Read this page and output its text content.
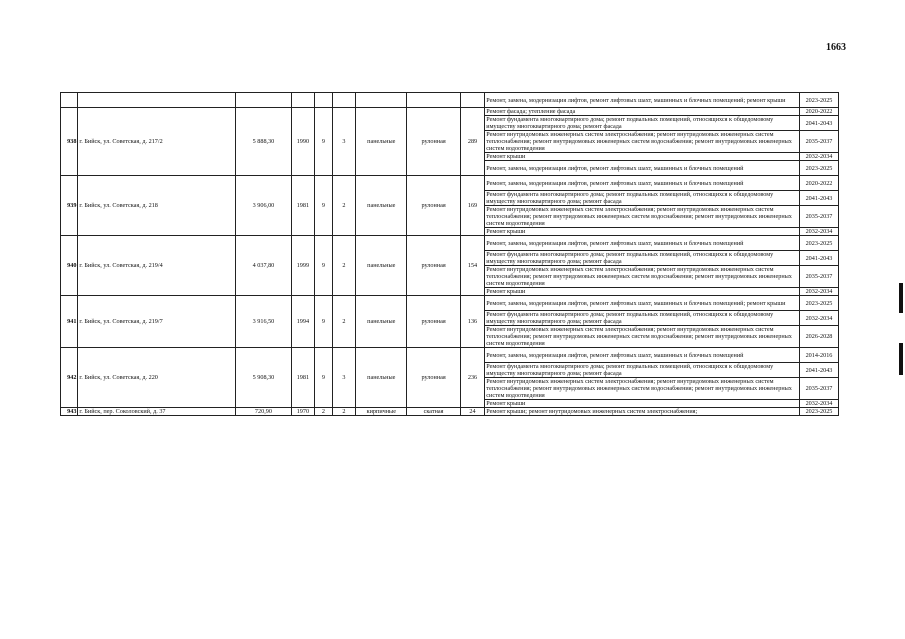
1663
									Ремонт, замена, модернизация лифтов, ремонт лифтовых шахт, машинных и блочных помещений; ремонт крыши	2023-2025
938	г. Бийск, ул. Советская, д. 217/2	5 888,30	1990	9	3	панельные	рулонная	289	Ремонт фасада; утепление фасада	2020-2022
									Ремонт фундамента многоквартирного дома; ремонт подвальных помещений, относящихся к общедомовому имуществу многоквартирного дома; ремонт фасада	2041-2043
									Ремонт внутридомовых инженерных систем электроснабжения; ремонт внутридомовых инженерных систем теплоснабжения; ремонт внутридомовых инженерных систем водоснабжения; ремонт внутридомовых инженерных систем водоотведения	2035-2037
									Ремонт крыши	2032-2034
									Ремонт, замена, модернизация лифтов, ремонт лифтовых шахт, машинных и блочных помещений	2023-2025
939	г. Бийск, ул. Советская, д. 218	3 906,00	1981	9	2	панельные	рулонная	169	Ремонт, замена, модернизация лифтов, ремонт лифтовых шахт, машинных и блочных помещений	2020-2022
									Ремонт фундамента многоквартирного дома; ремонт подвальных помещений, относящихся к общедомовому имуществу многоквартирного дома; ремонт фасада	2041-2043
									Ремонт внутридомовых инженерных систем электроснабжения; ремонт внутридомовых инженерных систем теплоснабжения; ремонт внутридомовых инженерных систем водоснабжения; ремонт внутридомовых инженерных систем водоотведения	2035-2037
									Ремонт крыши	2032-2034
940	г. Бийск, ул. Советская, д. 219/4	4 037,80	1999	9	2	панельные	рулонная	154	Ремонт, замена, модернизация лифтов, ремонт лифтовых шахт, машинных и блочных помещений	2023-2025
									Ремонт фундамента многоквартирного дома; ремонт подвальных помещений, относящихся к общедомовому имуществу многоквартирного дома; ремонт фасада	2041-2043
									Ремонт внутридомовых инженерных систем электроснабжения; ремонт внутридомовых инженерных систем теплоснабжения; ремонт внутридомовых инженерных систем водоснабжения; ремонт внутридомовых инженерных систем водоотведения	2035-2037
									Ремонт крыши	2032-2034
941	г. Бийск, ул. Советская, д. 219/7	3 916,50	1994	9	2	панельные	рулонная	136	Ремонт, замена, модернизация лифтов, ремонт лифтовых шахт, машинных и блочных помещений; ремонт крыши	2023-2025
									Ремонт фундамента многоквартирного дома; ремонт подвальных помещений, относящихся к общедомовому имуществу многоквартирного дома; ремонт фасада	2032-2034
									Ремонт внутридомовых инженерных систем электроснабжения; ремонт внутридомовых инженерных систем теплоснабжения; ремонт внутридомовых инженерных систем водоснабжения; ремонт внутридомовых инженерных систем водоотведения	2026-2028
942	г. Бийск, ул. Советская, д. 220	5 908,30	1981	9	3	панельные	рулонная	236	Ремонт, замена, модернизация лифтов, ремонт лифтовых шахт, машинных и блочных помещений	2014-2016
									Ремонт фундамента многоквартирного дома; ремонт подвальных помещений, относящихся к общедомовому имуществу многоквартирного дома; ремонт фасада	2041-2043
									Ремонт внутридомовых инженерных систем электроснабжения; ремонт внутридомовых инженерных систем теплоснабжения; ремонт внутридомовых инженерных систем водоснабжения; ремонт внутридомовых инженерных систем водоотведения	2035-2037
									Ремонт крыши	2032-2034
943	г. Бийск, пер. Соколовский, д. 37	720,90	1970	2	2	кирпичные	скатная	24	Ремонт крыши; ремонт внутридомовых инженерных систем электроснабжения;	2023-2025
